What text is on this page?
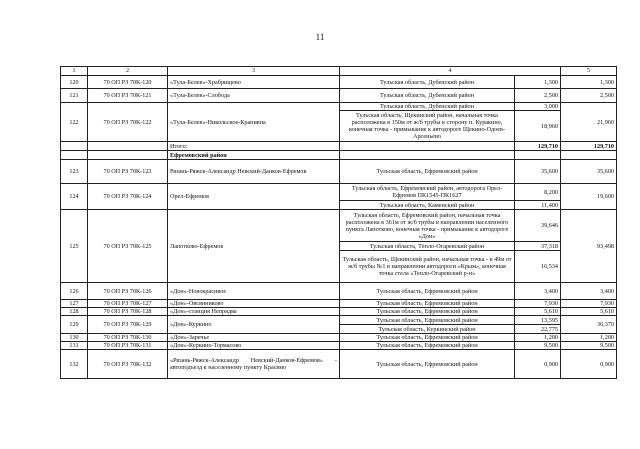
11
1	2	3	4		5
120	70 ОП РЗ 70К-120	«Тула-Белев»-Храбрищево	Тульская область, Дубенский район	1,300	1,300
121	70 ОП РЗ 70К-121	«Тула-Белев»-Слобода	Тульская область, Дубенский район	2,500	2,500
122	70 ОП РЗ 70К-122	«Тула-Белев»-Никольское-Крапивна	Тульская область, Дубенский район	3,000	21,960
			Тульская область, Щекинский район, начальная точка расположена в 150м от ж/б трубы в сторону п. Куракино, конечная точка - примыкание к автодороге Щекино-Одоев-Арсеньево	18,960	
		Итого:		129,710	129,710
		Ефремовский район			
123	70 ОП РЗ 70К-123	Рязань-Ряжск-Александр Невский-Данков-Ефремов	Тульская область, Ефремовский район	35,600	35,600
124	70 ОП РЗ 70К-124	Орел-Ефремов	Тульская область, Ефремовский район, автодорога Орел-Ефремов ПК1545-ПК1627	8,200	19,600
			Тульская область, Каменский район	11,400	
125	70 ОП РЗ 70К-125	Лапотково-Ефремов	Тульская область, Ефремовский район, начальная точка расположена в 361м от ж/б трубы в направлении населенного пункта Лапотково, конечная точка - примыкание к автодороге «Дон»	39,646	93,498
			Тульская область, Тёпло-Огаревский район	37,318	
			Тульская область, Щекинский район, начальная точка - в 49м от ж/б трубы №1 в направлении автодороги «Крым», конечная точка стела «Тепло-Огаревский р-н»	16,534	
126	70 ОП РЗ 70К-126	«Дон»-Новокрасивое	Тульская область, Ефремовский район	3,400	3,400
127	70 ОП РЗ 70К-127	«Дон»-Овсянниково	Тульская область, Ефремовский район	7,930	7,930
128	70 ОП РЗ 70К-128	«Дон»-станция Непрядва	Тульская область, Ефремовский район	5,610	5,610
129	70 ОП РЗ 70К-129	«Дон»-Куркино	Тульская область, Ефремовский район	13,595	36,370
			Тульская область, Куркинский район	22,775	
130	70 ОП РЗ 70К-130	«Дон»-Заречье	Тульская область, Ефремовский район	1,200	1,200
131	70 ОП РЗ 70К-131	«Дон»-Куркино-Тормасово	Тульская область, Ефремовский район	9,500	9,500
132	70 ОП РЗ 70К-132	«Рязань-Ряжск-Александр Невский-Данков-Ефремов» - автоподъезд к населенному пункту Красино	Тульская область, Ефремовский район	0,900	0,900
